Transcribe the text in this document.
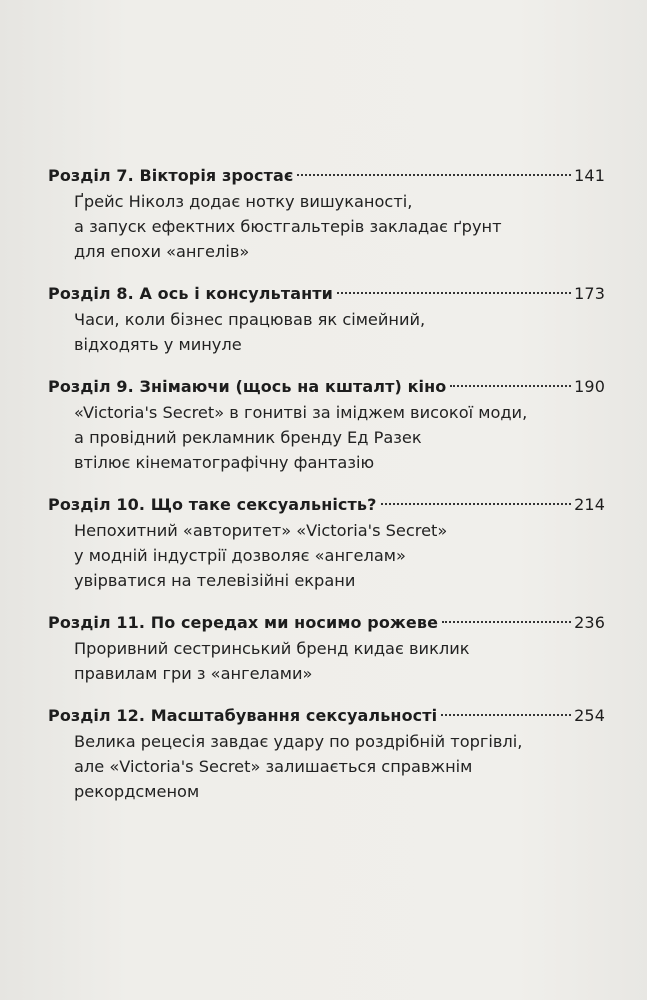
Розділ 7. Вікторія зростає	141
Ґрейс Ніколз додає нотку вишуканості,
а запуск ефектних бюстгальтерів закладає ґрунт
для епохи «ангелів»
Розділ 8. А ось і консультанти	173
Часи, коли бізнес працював як сімейний,
відходять у минуле
Розділ 9. Знімаючи (щось на кшталт) кіно	190
«Victoria's Secret» в гонитві за іміджем високої моди,
а провідний рекламник бренду Ед Разек
втілює кінематографічну фантазію
Розділ 10. Що таке сексуальність?	214
Непохитний «авторитет» «Victoria's Secret»
у модній індустрії дозволяє «ангелам»
увірватися на телевізійні екрани
Розділ 11. По середах ми носимо рожеве	236
Проривний сестринський бренд кидає виклик
правилам гри з «ангелами»
Розділ 12. Масштабування сексуальності	254
Велика рецесія завдає удару по роздрібній торгівлі,
але «Victoria's Secret» залишається справжнім
рекордсменом
